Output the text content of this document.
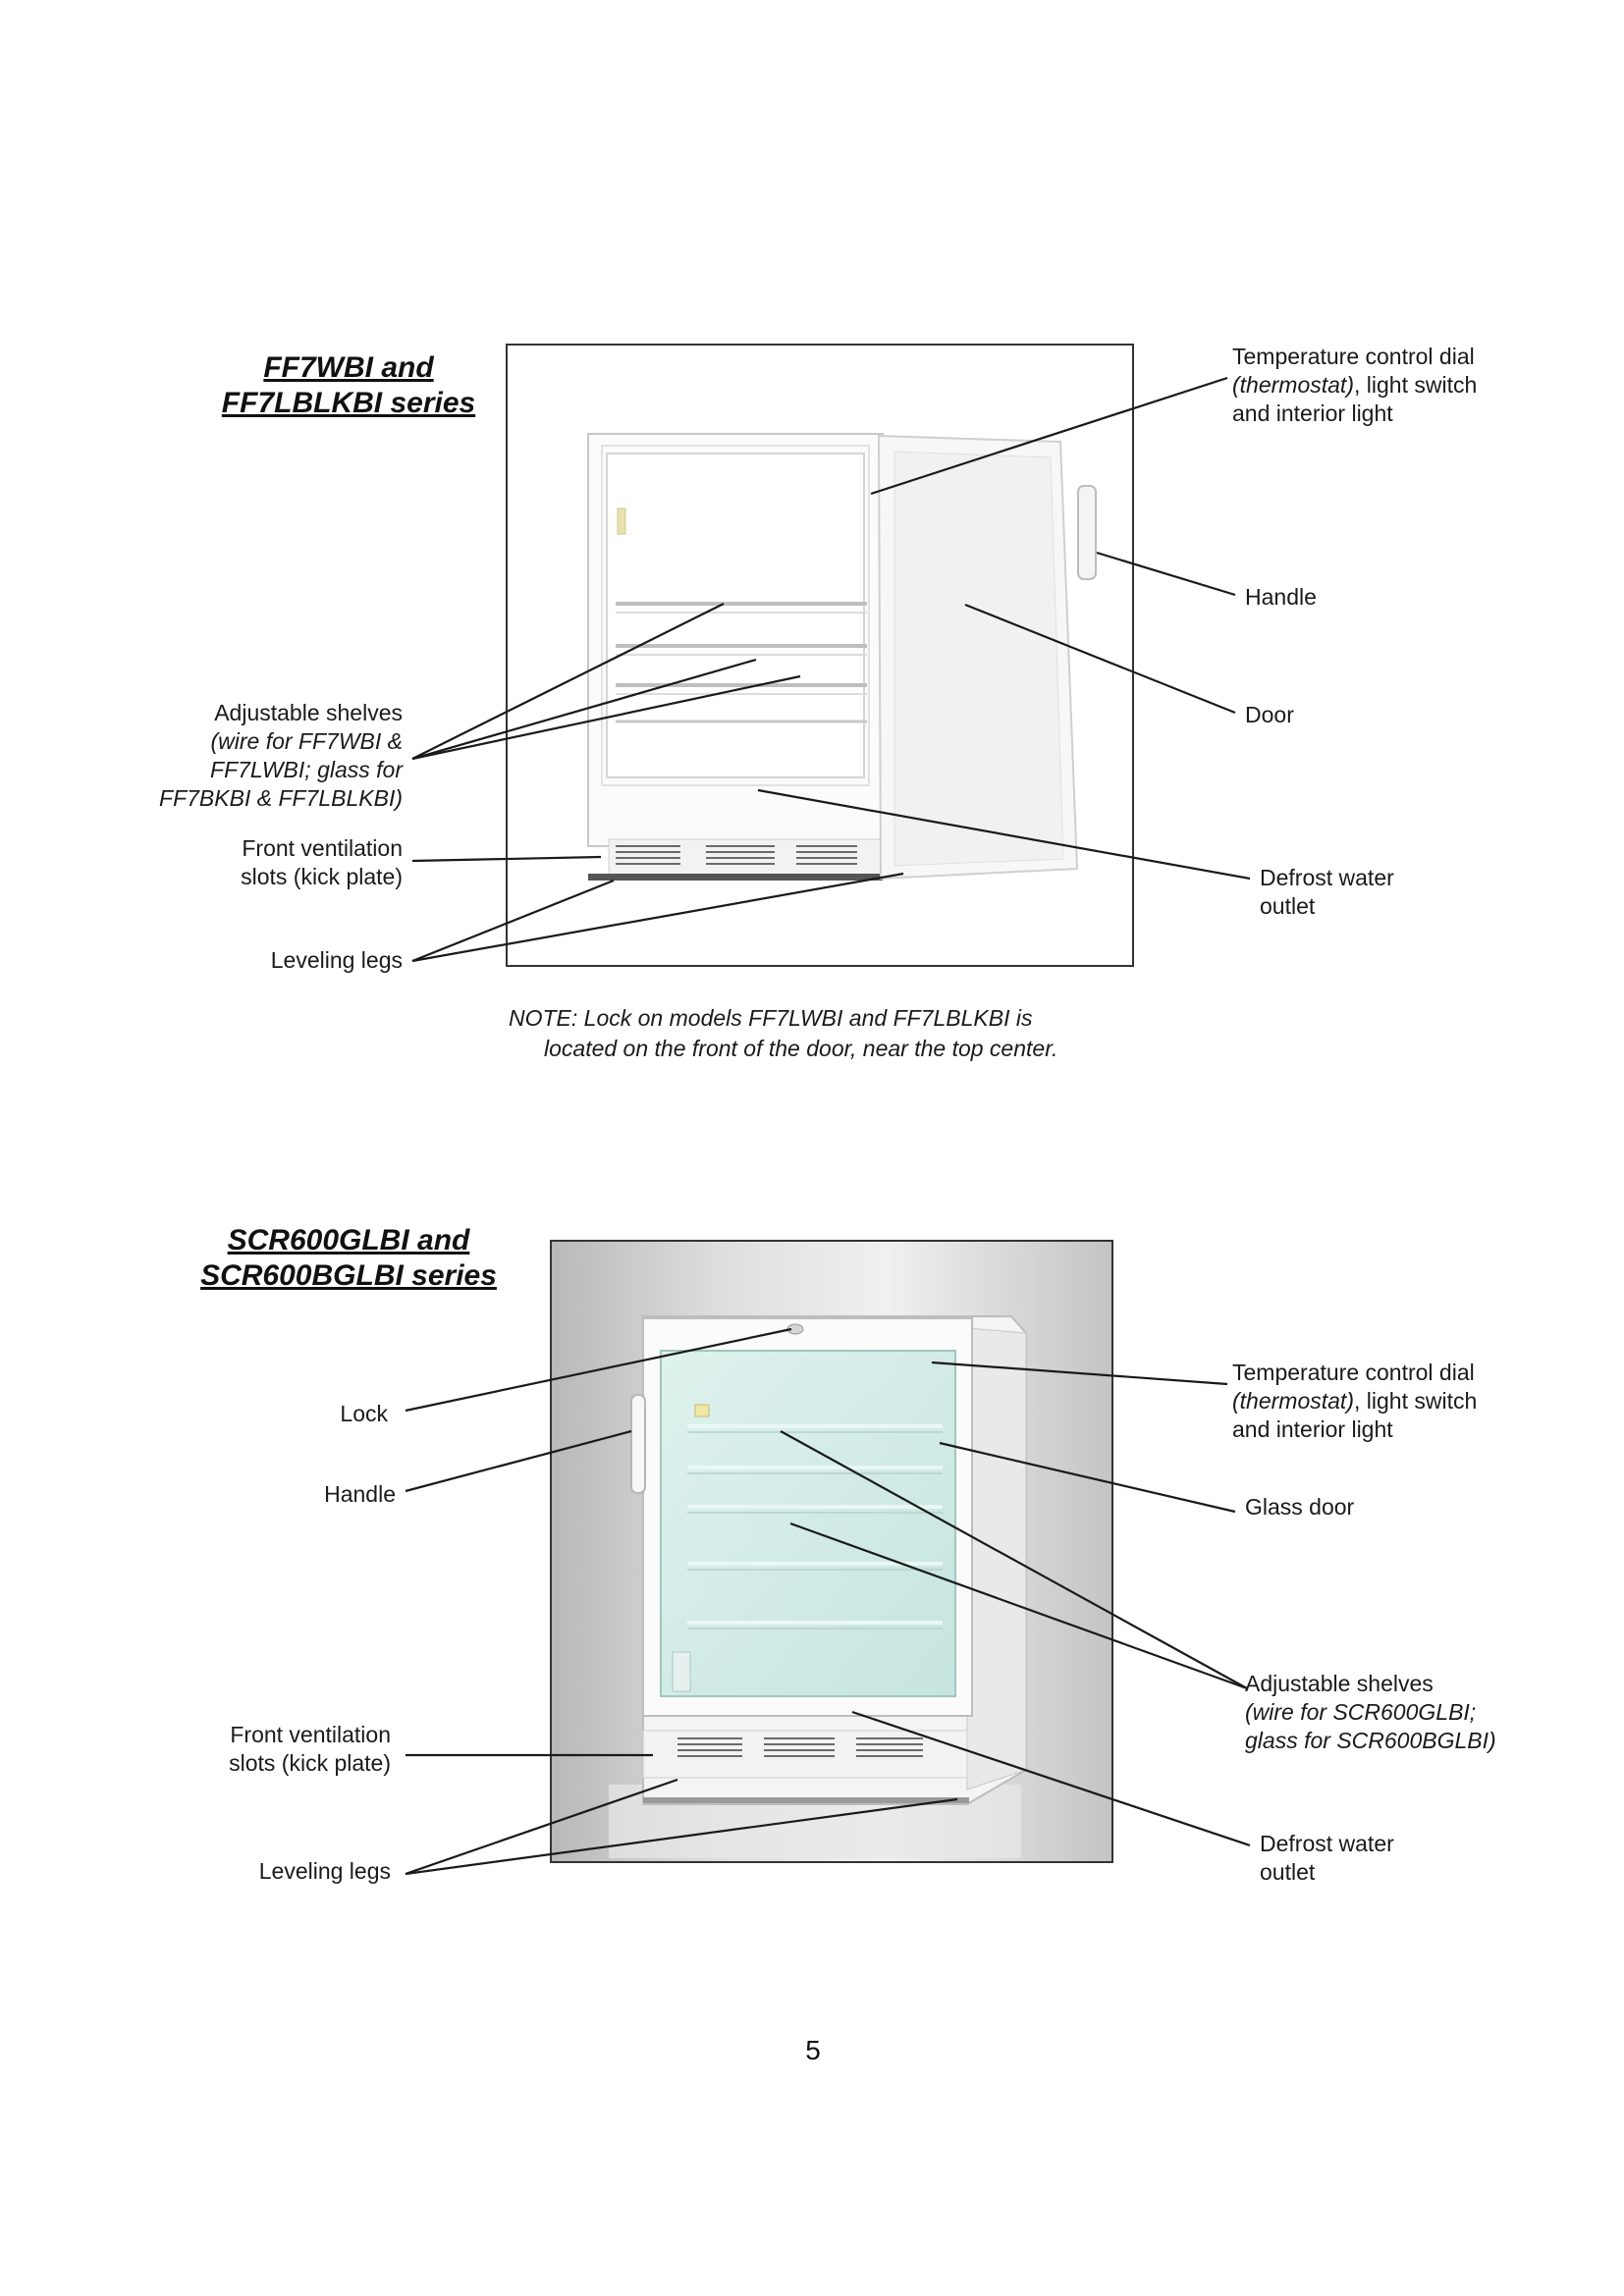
FF7WBI and
FF7LBLKBI series
Temperature control dial
(thermostat), light switch
and interior light
Handle
Door
Adjustable shelves
(wire for FF7WBI &
FF7LWBI; glass for
FF7BKBI & FF7LBLKBI)
Front ventilation
slots (kick plate)	Defrost water
outlet
Leveling legs
NOTE: Lock on models FF7LWBI and FF7LBLKBI is
located on the front of the door, near the top center.
SCR600GLBI and
SCR600BGLBI series
Lock
Handle
Temperature control dial
(thermostat), light switch
and interior light
Glass door
Adjustable shelves
(wire for SCR600GLBI;
glass for SCR600BGLBI)
Front ventilation
slots (kick plate)
Leveling legs
Defrost water
outlet
5
